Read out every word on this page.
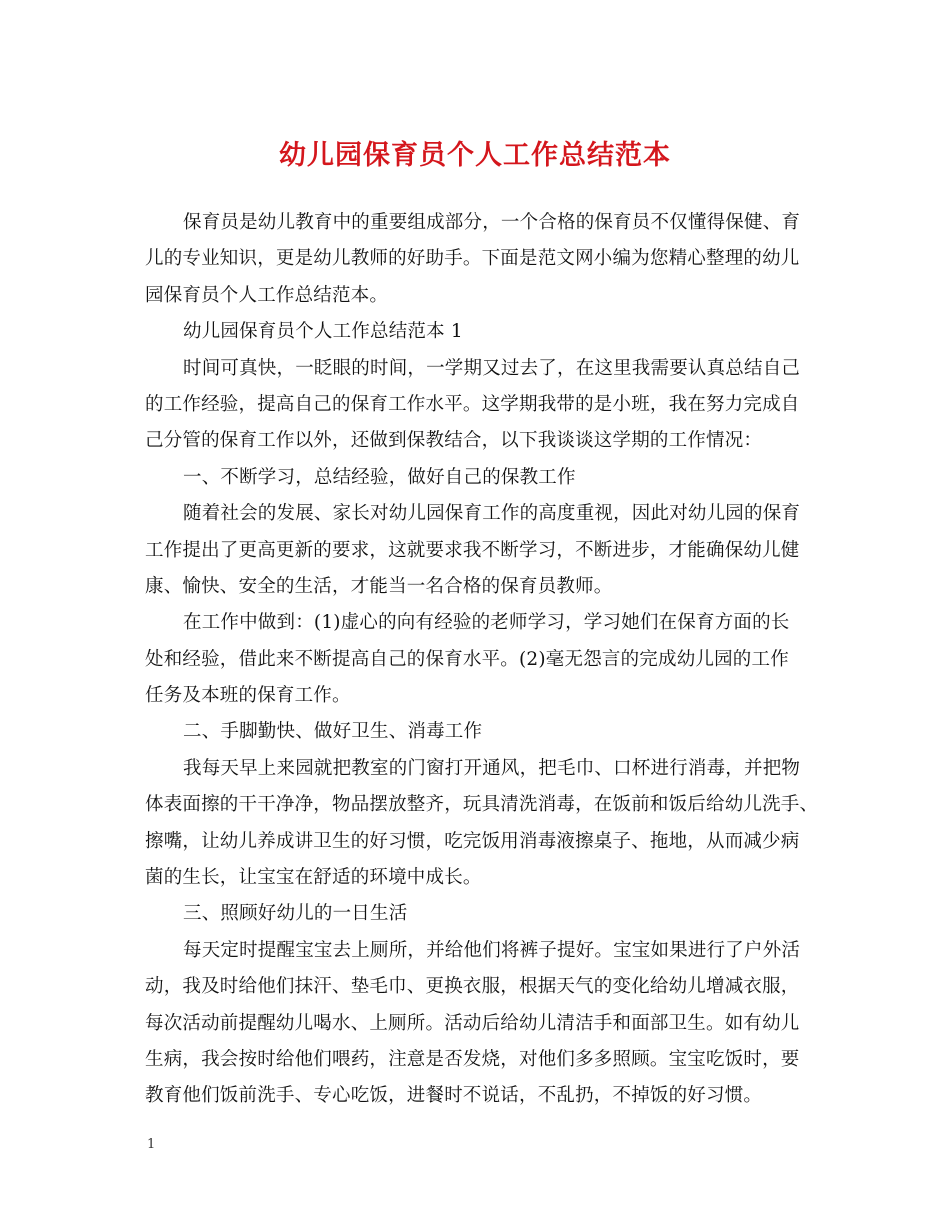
幼儿园保育员个人工作总结范本
保育员是幼儿教育中的重要组成部分，一个合格的保育员不仅懂得保健、育
儿的专业知识，更是幼儿教师的好助手。下面是范文网小编为您精心整理的幼儿
园保育员个人工作总结范本。
幼儿园保育员个人工作总结范本 1
时间可真快，一眨眼的时间，一学期又过去了，在这里我需要认真总结自己
的工作经验，提高自己的保育工作水平。这学期我带的是小班，我在努力完成自
己分管的保育工作以外，还做到保教结合，以下我谈谈这学期的工作情况：
一、不断学习，总结经验，做好自己的保教工作
随着社会的发展、家长对幼儿园保育工作的高度重视，因此对幼儿园的保育
工作提出了更高更新的要求，这就要求我不断学习，不断进步，才能确保幼儿健
康、愉快、安全的生活，才能当一名合格的保育员教师。
在工作中做到：(1)虚心的向有经验的老师学习，学习她们在保育方面的长
处和经验，借此来不断提高自己的保育水平。(2)毫无怨言的完成幼儿园的工作
任务及本班的保育工作。
二、手脚勤快、做好卫生、消毒工作
我每天早上来园就把教室的门窗打开通风，把毛巾、口杯进行消毒，并把物
体表面擦的干干净净，物品摆放整齐，玩具清洗消毒，在饭前和饭后给幼儿洗手、
擦嘴，让幼儿养成讲卫生的好习惯，吃完饭用消毒液擦桌子、拖地，从而减少病
菌的生长，让宝宝在舒适的环境中成长。
三、照顾好幼儿的一日生活
每天定时提醒宝宝去上厕所，并给他们将裤子提好。宝宝如果进行了户外活
动，我及时给他们抹汗、垫毛巾、更换衣服，根据天气的变化给幼儿增减衣服，
每次活动前提醒幼儿喝水、上厕所。活动后给幼儿清洁手和面部卫生。如有幼儿
生病，我会按时给他们喂药，注意是否发烧，对他们多多照顾。宝宝吃饭时，要
教育他们饭前洗手、专心吃饭，进餐时不说话，不乱扔，不掉饭的好习惯。
1
